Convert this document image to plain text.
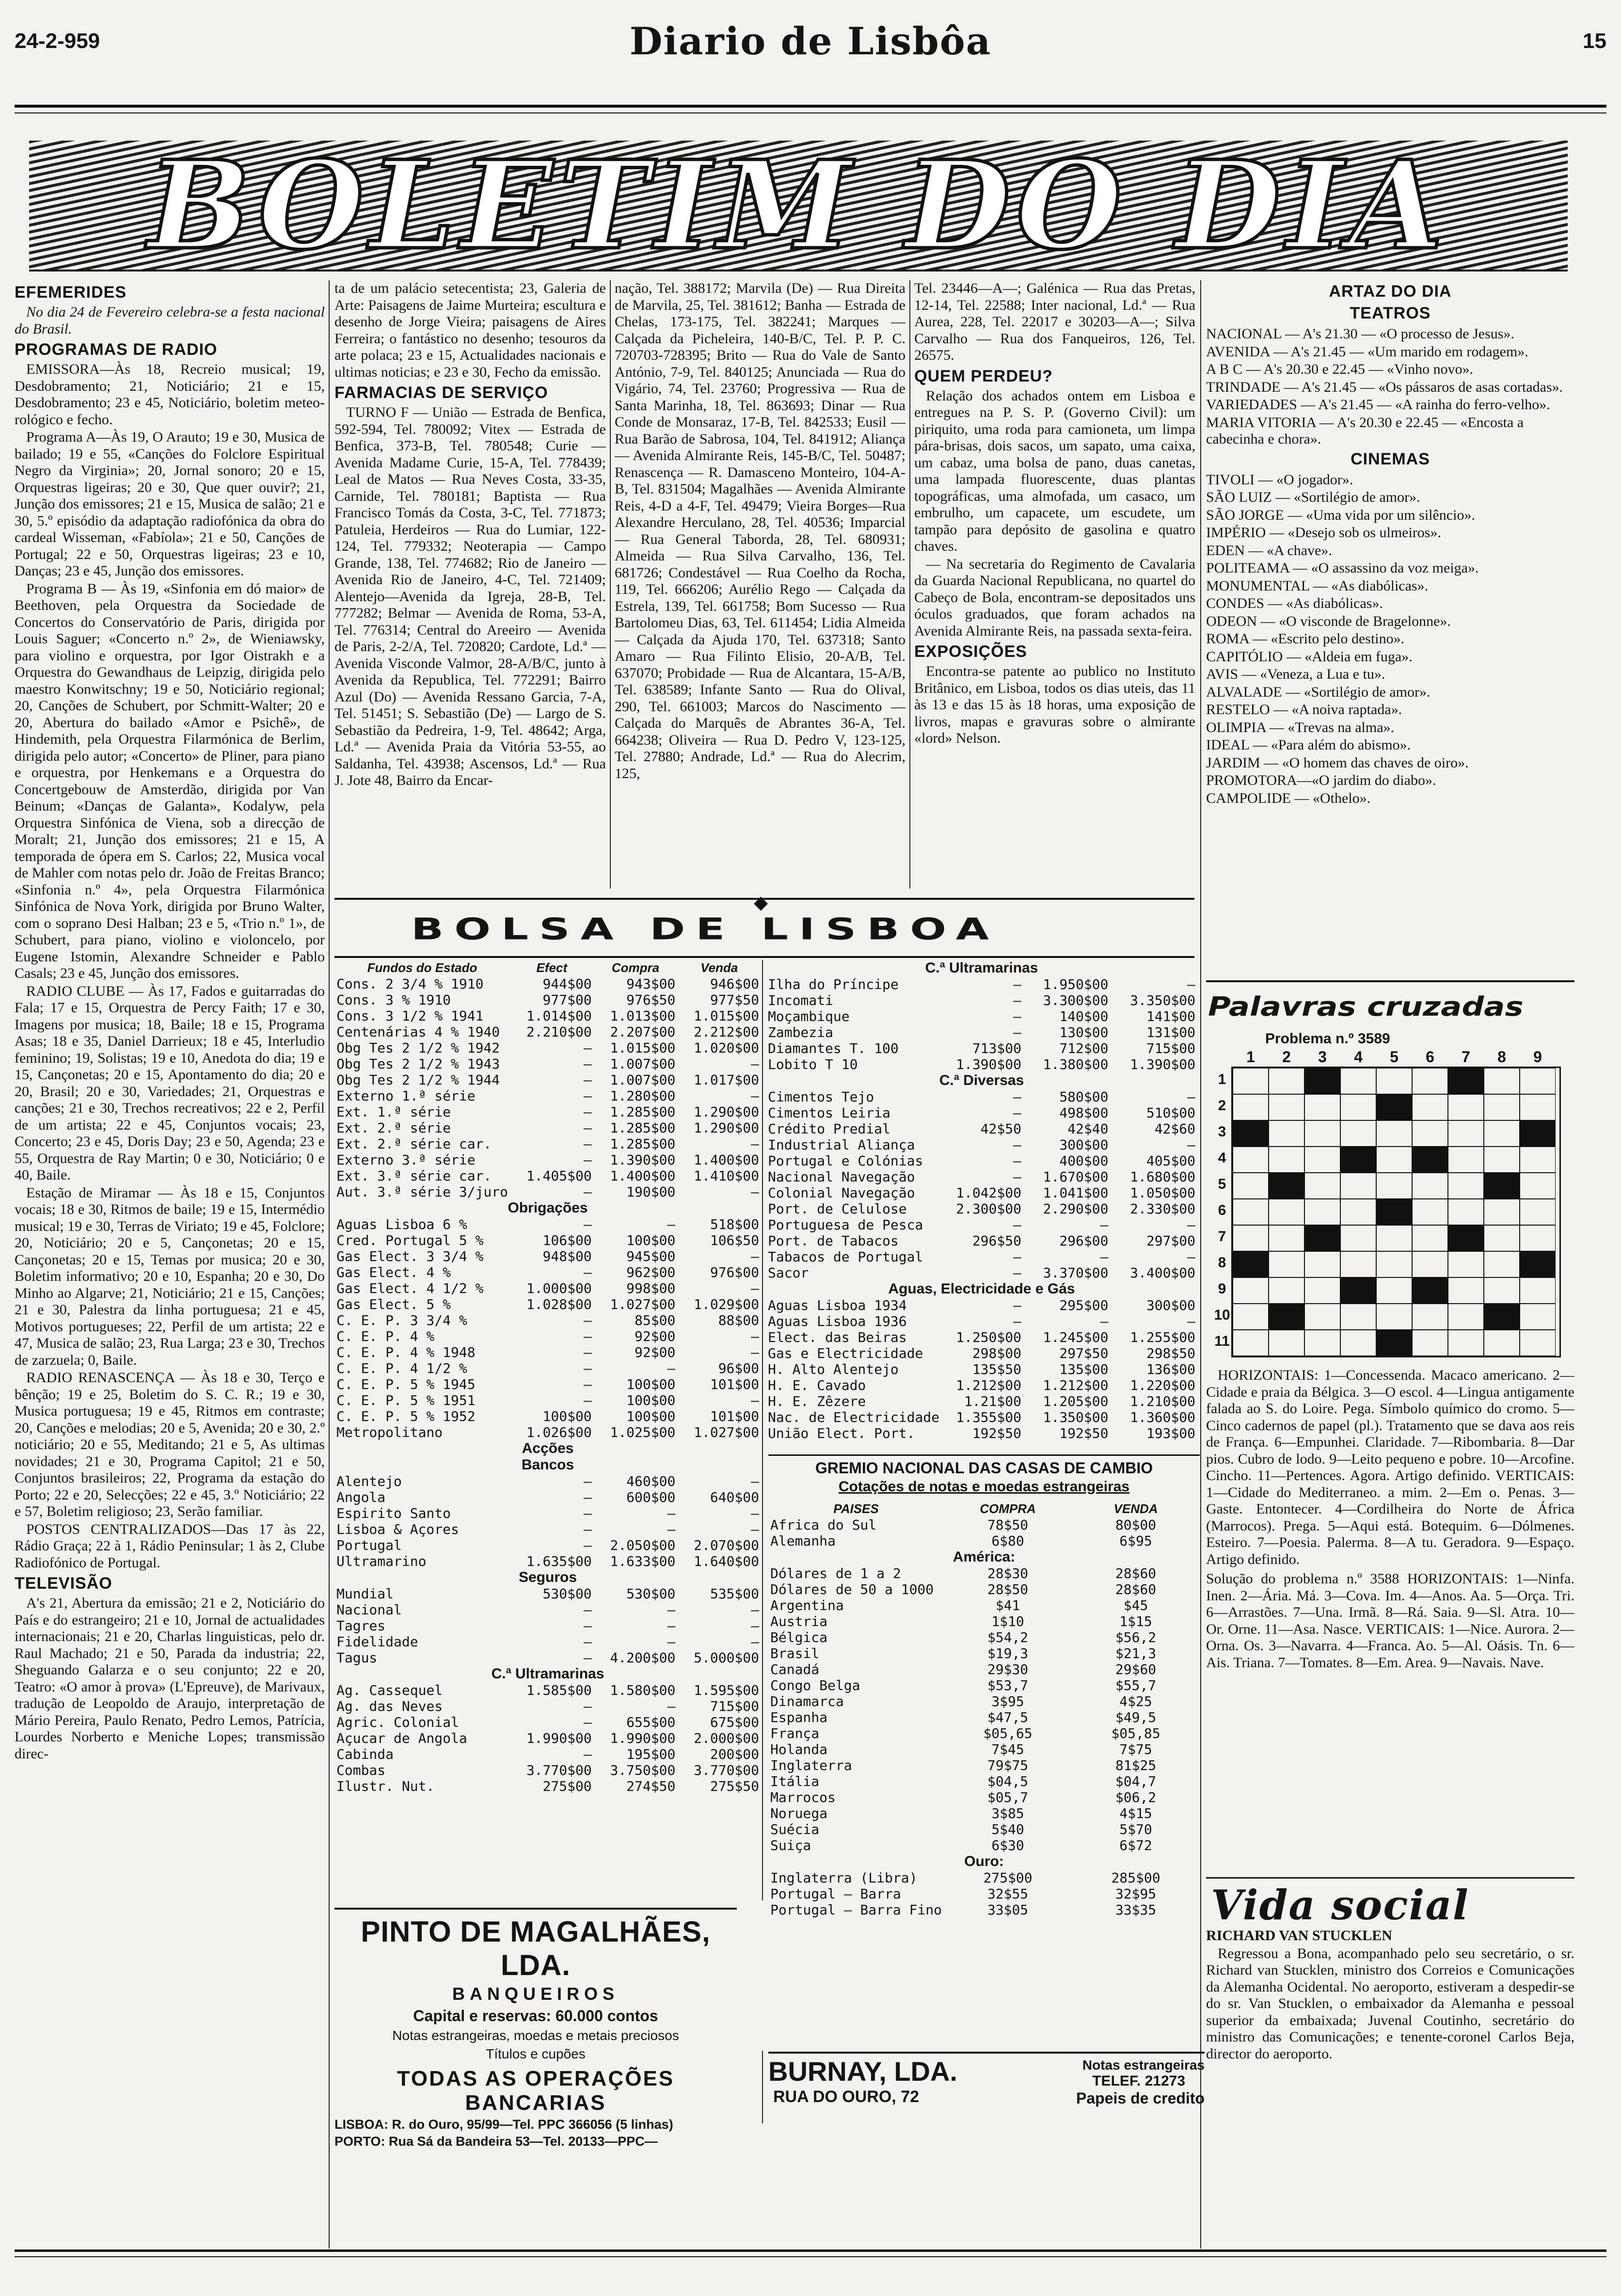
24-2-959	Diario de Lisbôa	15
BOLETIM DO DIA
EFEMERIDES

No dia 24 de Fevereiro celebra-se a festa nacional do Brasil.

PROGRAMAS DE RADIO

EMISSORA—Às 18, Recreio musical; 19, Desdobramento; 21, Noticiário; 21 e 15, Desdobramento; 23 e 45, Noticiário, boletim meteo-rológico e fecho.

Programa A—Às 19, O Arauto; 19 e 30, Musica de bailado; 19 e 55, «Canções do Folclore Espiritual Negro da Virginia»; 20, Jornal sonoro; 20 e 15, Orquestras ligeiras; 20 e 30, Que quer ouvir?; 21, Junção dos emissores; 21 e 15, Musica de salão; 21 e 30, 5.º episódio da adaptação radiofónica da obra do cardeal Wisseman, «Fabíola»; 21 e 50, Canções de Portugal; 22 e 50, Orquestras ligeiras; 23 e 10, Danças; 23 e 45, Junção dos emissores.

Programa B — Às 19, «Sinfonia em dó maior» de Beethoven, pela Orquestra da Sociedade de Concertos do Conservatório de Paris, dirigida por Louis Saguer; «Concerto n.º 2», de Wieniawsky, para violino e orquestra, por Igor Oistrakh e a Orquestra do Gewandhaus de Leipzig, dirigida pelo maestro Konwitschny; 19 e 50, Noticiário regional; 20, Canções de Schubert, por Schmitt-Walter; 20 e 20, Abertura do bailado «Amor e Psichê», de Hindemith, pela Orquestra Filarmónica de Berlim, dirigida pelo autor; «Concerto» de Pliner, para piano e orquestra, por Henkemans e a Orquestra do Concertgebouw de Amsterdão, dirigida por Van Beinum; «Danças de Galanta», Kodalyw, pela Orquestra Sinfónica de Viena, sob a direcção de Moralt; 21, Junção dos emissores; 21 e 15, A temporada de ópera em S. Carlos; 22, Musica vocal de Mahler com notas pelo dr. João de Freitas Branco; «Sinfonia n.º 4», pela Orquestra Filarmónica Sinfónica de Nova York, dirigida por Bruno Walter, com o soprano Desi Halban; 23 e 5, «Trio n.º 1», de Schubert, para piano, violino e violoncelo, por Eugene Istomin, Alexandre Schneider e Pablo Casals; 23 e 45, Junção dos emissores.

RADIO CLUBE — Às 17, Fados e guitarradas do Fala; 17 e 15, Orquestra de Percy Faith; 17 e 30, Imagens por musica; 18, Baile; 18 e 15, Programa Asas; 18 e 35, Daniel Darrieux; 18 e 45, Interludio feminino; 19, Solistas; 19 e 10, Anedota do dia; 19 e 15, Cançonetas; 20 e 15, Apontamento do dia; 20 e 20, Brasil; 20 e 30, Variedades; 21, Orquestras e canções; 21 e 30, Trechos recreativos; 22 e 2, Perfil de um artista; 22 e 45, Conjuntos vocais; 23, Concerto; 23 e 45, Doris Day; 23 e 50, Agenda; 23 e 55, Orquestra de Ray Martin; 0 e 30, Noticiário; 0 e 40, Baile.

Estação de Miramar — Às 18 e 15, Conjuntos vocais; 18 e 30, Ritmos de baile; 19 e 15, Intermédio musical; 19 e 30, Terras de Viriato; 19 e 45, Folclore; 20, Noticiário; 20 e 5, Cançonetas; 20 e 15, Cançonetas; 20 e 15, Temas por musica; 20 e 30, Boletim informativo; 20 e 10, Espanha; 20 e 30, Do Minho ao Algarve; 21, Noticiário; 21 e 15, Canções; 21 e 30, Palestra da linha portuguesa; 21 e 45, Motivos portugueses; 22, Perfil de um artista; 22 e 47, Musica de salão; 23, Rua Larga; 23 e 30, Trechos de zarzuela; 0, Baile.

RADIO RENASCENÇA — Às 18 e 30, Terço e bênção; 19 e 25, Boletim do S. C. R.; 19 e 30, Musica portuguesa; 19 e 45, Ritmos em contraste; 20, Canções e melodias; 20 e 5, Avenida; 20 e 30, 2.º noticiário; 20 e 55, Meditando; 21 e 5, As ultimas novidades; 21 e 30, Programa Capitol; 21 e 50, Conjuntos brasileiros; 22, Programa da estação do Porto; 22 e 20, Selecções; 22 e 45, 3.º Noticiário; 22 e 57, Boletim religioso; 23, Serão familiar.

POSTOS CENTRALIZADOS—Das 17 às 22, Rádio Graça; 22 à 1, Rádio Peninsular; 1 às 2, Clube Radiofónico de Portugal.

TELEVISÃO

A's 21, Abertura da emissão; 21 e 2, Noticiário do País e do estrangeiro; 21 e 10, Jornal de actualidades internacionais; 21 e 20, Charlas linguisticas, pelo dr. Raul Machado; 21 e 50, Parada da industria; 22, Sheguando Galarza e o seu conjunto; 22 e 20, Teatro: «O amor à prova» (L'Epreuve), de Marivaux, tradução de Leopoldo de Araujo, interpretação de Mário Pereira, Paulo Renato, Pedro Lemos, Patrícia, Lourdes Norberto e Meniche Lopes; transmissão direc-

ta de um palácio setecentista; 23, Galeria de Arte: Paisagens de Jaime Murteira; escultura e desenho de Jorge Vieira; paisagens de Aires Ferreira; o fantástico no desenho; tesouros da arte polaca; 23 e 15, Actualidades nacionais e ultimas noticias; e 23 e 30, Fecho da emissão.

FARMACIAS DE SERVIÇO

TURNO F — União — Estrada de Benfica, 592-594, Tel. 780092; Vitex — Estrada de Benfica, 373-B, Tel. 780548; Curie — Avenida Madame Curie, 15-A, Tel. 778439; Leal de Matos — Rua Neves Costa, 33-35, Carnide, Tel. 780181; Baptista — Rua Francisco Tomás da Costa, 3-C, Tel. 771873; Patuleia, Herdeiros — Rua do Lumiar, 122-124, Tel. 779332; Neoterapia — Campo Grande, 138, Tel. 774682; Rio de Janeiro — Avenida Rio de Janeiro, 4-C, Tel. 721409; Alentejo—Avenida da Igreja, 28-B, Tel. 777282; Belmar — Avenida de Roma, 53-A, Tel. 776314; Central do Areeiro — Avenida de Paris, 2-2/A, Tel. 720820; Cardote, Ld.ª — Avenida Visconde Valmor, 28-A/B/C, junto à Avenida da Republica, Tel. 772291; Bairro Azul (Do) — Avenida Ressano Garcia, 7-A, Tel. 51451; S. Sebastião (De) — Largo de S. Sebastião da Pedreira, 1-9, Tel. 48642; Arga, Ld.ª — Avenida Praia da Vitória 53-55, ao Saldanha, Tel. 43938; Ascensos, Ld.ª — Rua J. Jote 48, Bairro da Encar-

nação, Tel. 388172; Marvila (De) — Rua Direita de Marvila, 25, Tel. 381612; Banha — Estrada de Chelas, 173-175, Tel. 382241; Marques — Calçada da Picheleira, 140-B/C, Tel. P. P. C. 720703-728395; Brito — Rua do Vale de Santo António, 7-9, Tel. 840125; Anunciada — Rua do Vigário, 74, Tel. 23760; Progressiva — Rua de Santa Marinha, 18, Tel. 863693; Dinar — Rua Conde de Monsaraz, 17-B, Tel. 842533; Eusil — Rua Barão de Sabrosa, 104, Tel. 841912; Aliança — Avenida Almirante Reis, 145-B/C, Tel. 50487; Renascença — R. Damasceno Monteiro, 104-A-B, Tel. 831504; Magalhães — Avenida Almirante Reis, 4-D a 4-F, Tel. 49479; Vieira Borges—Rua Alexandre Herculano, 28, Tel. 40536; Imparcial — Rua General Taborda, 28, Tel. 680931; Almeida — Rua Silva Carvalho, 136, Tel. 681726; Condestável — Rua Coelho da Rocha, 119, Tel. 666206; Aurélio Rego — Calçada da Estrela, 139, Tel. 661758; Bom Sucesso — Rua Bartolomeu Dias, 63, Tel. 611454; Lidia Almeida — Calçada da Ajuda 170, Tel. 637318; Santo Amaro — Rua Filinto Elisio, 20-A/B, Tel. 637070; Probidade — Rua de Alcantara, 15-A/B, Tel. 638589; Infante Santo — Rua do Olival, 290, Tel. 661003; Marcos do Nascimento — Calçada do Marquês de Abrantes 36-A, Tel. 664238; Oliveira — Rua D. Pedro V, 123-125, Tel. 27880; Andrade, Ld.ª — Rua do Alecrim, 125,

Tel. 23446—A—; Galénica — Rua das Pretas, 12-14, Tel. 22588; Inter nacional, Ld.ª — Rua Aurea, 228, Tel. 22017 e 30203—A—; Silva Carvalho — Rua dos Fanqueiros, 126, Tel. 26575.

QUEM PERDEU?

Relação dos achados ontem em Lisboa e entregues na P. S. P. (Governo Civil): um piriquito, uma roda para camioneta, um limpa pára-brisas, dois sacos, um sapato, uma caixa, um cabaz, uma bolsa de pano, duas canetas, uma lampada fluorescente, duas plantas topográficas, uma almofada, um casaco, um embrulho, um capacete, um escudete, um tampão para depósito de gasolina e quatro chaves.

— Na secretaria do Regimento de Cavalaria da Guarda Nacional Republicana, no quartel do Cabeço de Bola, encontram-se depositados uns óculos graduados, que foram achados na Avenida Almirante Reis, na passada sexta-feira.

EXPOSIÇÕES

Encontra-se patente ao publico no Instituto Britânico, em Lisboa, todos os dias uteis, das 11 às 13 e das 15 às 18 horas, uma exposição de livros, mapas e gravuras sobre o almirante «lord» Nelson.

ARTAZ DO DIA
TEATROS

NACIONAL — A's 21.30 — «O processo de Jesus».

AVENIDA — A's 21.45 — «Um marido em rodagem».

A B C — A's 20.30 e 22.45 — «Vinho novo».

TRINDADE — A's 21.45 — «Os pássaros de asas cortadas».

VARIEDADES — A's 21.45 — «A rainha do ferro-velho».

MARIA VITORIA — A's 20.30 e 22.45 — «Encosta a cabecinha e chora».

CINEMAS

TIVOLI — «O jogador».

SÃO LUIZ — «Sortilégio de amor».

SÃO JORGE — «Uma vida por um silêncio».

IMPÉRIO — «Desejo sob os ulmeiros».

EDEN — «A chave».

POLITEAMA — «O assassino da voz meiga».

MONUMENTAL — «As diabólicas».

CONDES — «As diabólicas».

ODEON — «O visconde de Bragelonne».

ROMA — «Escrito pelo destino».

CAPITÓLIO — «Aldeia em fuga».

AVIS — «Veneza, a Lua e tu».

ALVALADE — «Sortilégio de amor».

RESTELO — «A noiva raptada».

OLIMPIA — «Trevas na alma».

IDEAL — «Para além do abismo».

JARDIM — «O homem das chaves de oiro».

PROMOTORA—«O jardim do diabo».

CAMPOLIDE — «Othelo».

Palavras cruzadas
Problema n.º 3589
1	2	3	4	5	6	7	8	9
1
2
3
4
5
6
7
8
9
10
11

HORIZONTAIS: 1—Concessenda. Macaco americano. 2—Cidade e praia da Bélgica. 3—O escol. 4—Lingua antigamente falada ao S. do Loire. Pega. Símbolo químico do cromo. 5—Cinco cadernos de papel (pl.). Tratamento que se dava aos reis de França. 6—Empunhei. Claridade. 7—Ribombaria. 8—Dar pios. Cubro de lodo. 9—Leito pequeno e pobre. 10—Arcofine. Cincho. 11—Pertences. Agora. Artigo definido. VERTICAIS: 1—Cidade do Mediterraneo. a mim. 2—Em o. Penas. 3—Gaste. Entontecer. 4—Cordilheira do Norte de África (Marrocos). Prega. 5—Aqui está. Botequim. 6—Dólmenes. Esteiro. 7—Poesia. Palerma. 8—A tu. Geradora. 9—Espaço. Artigo definido.

Solução do problema n.º 3588 HORIZONTAIS: 1—Ninfa. Inen. 2—Ária. Má. 3—Cova. Im. 4—Anos. Aa. 5—Orça. Tri. 6—Arrastões. 7—Una. Irmã. 8—Rá. Saia. 9—Sl. Atra. 10—Or. Orne. 11—Asa. Nasce. VERTICAIS: 1—Nice. Aurora. 2—Orna. Os. 3—Navarra. 4—Franca. Ao. 5—Al. Oásis. Tn. 6—Ais. Triana. 7—Tomates. 8—Em. Area. 9—Navais. Nave.

Vida social

RICHARD VAN STUCKLEN

Regressou a Bona, acompanhado pelo seu secretário, o sr. Richard van Stucklen, ministro dos Correios e Comunicações da Alemanha Ocidental. No aeroporto, estiveram a despedir-se do sr. Van Stucklen, o embaixador da Alemanha e pessoal superior da embaixada; Juvenal Coutinho, secretário do ministro das Comunicações; e tenente-coronel Carlos Beja, director do aeroporto.

◆
BOLSA DE LISBOA
Fundos do Estado	Efect	Compra	Venda
Cons. 2 3/4 % 1910	944$00	943$00	946$00
Cons. 3 % 1910	977$00	976$50	977$50
Cons. 3 1/2 % 1941	1.014$00	1.013$00	1.015$00
Centenárias 4 % 1940	2.210$00	2.207$00	2.212$00
Obg Tes 2 1/2 % 1942	—	1.015$00	1.020$00
Obg Tes 2 1/2 % 1943	—	1.007$00	—
Obg Tes 2 1/2 % 1944	—	1.007$00	1.017$00
Externo 1.ª série	—	1.280$00	—
Ext. 1.ª série	—	1.285$00	1.290$00
Ext. 2.ª série	—	1.285$00	1.290$00
Ext. 2.ª série car.	—	1.285$00	—
Externo 3.ª série	—	1.390$00	1.400$00
Ext. 3.ª série car.	1.405$00	1.400$00	1.410$00
Aut. 3.ª série 3/juro	—	190$00	—
Obrigações			
Aguas Lisboa 6 %	—	—	518$00
Cred. Portugal 5 %	106$00	100$00	106$50
Gas Elect. 3 3/4 %	948$00	945$00	—
Gas Elect. 4 %	—	962$00	976$00
Gas Elect. 4 1/2 %	1.000$00	998$00	—
Gas Elect. 5 %	1.028$00	1.027$00	1.029$00
C. E. P. 3 3/4 %	—	85$00	88$00
C. E. P. 4 %	—	92$00	—
C. E. P. 4 % 1948	—	92$00	—
C. E. P. 4 1/2 %	—	—	96$00
C. E. P. 5 % 1945	—	100$00	101$00
C. E. P. 5 % 1951	—	100$00	—
C. E. P. 5 % 1952	100$00	100$00	101$00
Metropolitano	1.026$00	1.025$00	1.027$00
Acções			
Bancos			
Alentejo	—	460$00	—
Angola	—	600$00	640$00
Espirito Santo	—	—	—
Lisboa & Açores	—	—	—
Portugal	—	2.050$00	2.070$00
Ultramarino	1.635$00	1.633$00	1.640$00
Seguros			
Mundial	530$00	530$00	535$00
Nacional	—	—	—
Tagres	—	—	—
Fidelidade	—	—	—
Tagus	—	4.200$00	5.000$00
C.ª Ultramarinas			
Ag. Cassequel	1.585$00	1.580$00	1.595$00
Ag. das Neves	—	—	715$00
Agric. Colonial	—	655$00	675$00
Açucar de Angola	1.990$00	1.990$00	2.000$00
Cabinda	—	195$00	200$00
Combas	3.770$00	3.750$00	3.770$00
Ilustr. Nut.	275$00	274$50	275$50
C.ª Ultramarinas			
Ilha do Príncipe	—	1.950$00	—
Incomati	—	3.300$00	3.350$00
Moçambique	—	140$00	141$00
Zambezia	—	130$00	131$00
Diamantes T. 100	713$00	712$00	715$00
Lobito T 10	1.390$00	1.380$00	1.390$00
C.ª Diversas			
Cimentos Tejo	—	580$00	—
Cimentos Leiria	—	498$00	510$00
Crédito Predial	42$50	42$40	42$60
Industrial Aliança	—	300$00	—
Portugal e Colónias	—	400$00	405$00
Nacional Navegação	—	1.670$00	1.680$00
Colonial Navegação	1.042$00	1.041$00	1.050$00
Port. de Celulose	2.300$00	2.290$00	2.330$00
Portuguesa de Pesca	—	—	—
Port. de Tabacos	296$50	296$00	297$00
Tabacos de Portugal	—	—	—
Sacor	—	3.370$00	3.400$00
Aguas, Electricidade e Gás			
Aguas Lisboa 1934	—	295$00	300$00
Aguas Lisboa 1936	—	—	—
Elect. das Beiras	1.250$00	1.245$00	1.255$00
Gas e Electricidade	298$00	297$50	298$50
H. Alto Alentejo	135$50	135$00	136$00
H. E. Cavado	1.212$00	1.212$00	1.220$00
H. E. Zêzere	1.21$00	1.205$00	1.210$00
Nac. de Electricidade	1.355$00	1.350$00	1.360$00
União Elect. Port.	192$50	192$50	193$00
GREMIO NACIONAL DAS CASAS DE CAMBIO
Cotações de notas e moedas estrangeiras
PAISES	COMPRA	VENDA
Africa do Sul	78$50	80$00
Alemanha	6$80	6$95
América:		
Dólares de 1 a 2	28$30	28$60
Dólares de 50 a 1000	28$50	28$60
Argentina	$41	$45
Austria	1$10	1$15
Bélgica	$54,2	$56,2
Brasil	$19,3	$21,3
Canadá	29$30	29$60
Congo Belga	$53,7	$55,7
Dinamarca	3$95	4$25
Espanha	$47,5	$49,5
França	$05,65	$05,85
Holanda	7$45	7$75
Inglaterra	79$75	81$25
Itália	$04,5	$04,7
Marrocos	$05,7	$06,2
Noruega	3$85	4$15
Suécia	5$40	5$70
Suiça	6$30	6$72
Ouro:		
Inglaterra (Libra)	275$00	285$00
Portugal — Barra	32$55	32$95
Portugal — Barra Fino	33$05	33$35
PINTO DE MAGALHÃES, LDA.
BANQUEIROS
Capital e reservas: 60.000 contos
Notas estrangeiras, moedas e metais preciosos
Títulos e cupões
TODAS AS OPERAÇÕES BANCARIAS
LISBOA: R. do Ouro, 95/99—Tel. PPC 366056 (5 linhas)
PORTO: Rua Sá da Bandeira 53—Tel. 20133—PPC—
BURNAY, LDA.
RUA DO OURO, 72
Notas estrangeiras
TELEF. 21273
Papeis de credito
